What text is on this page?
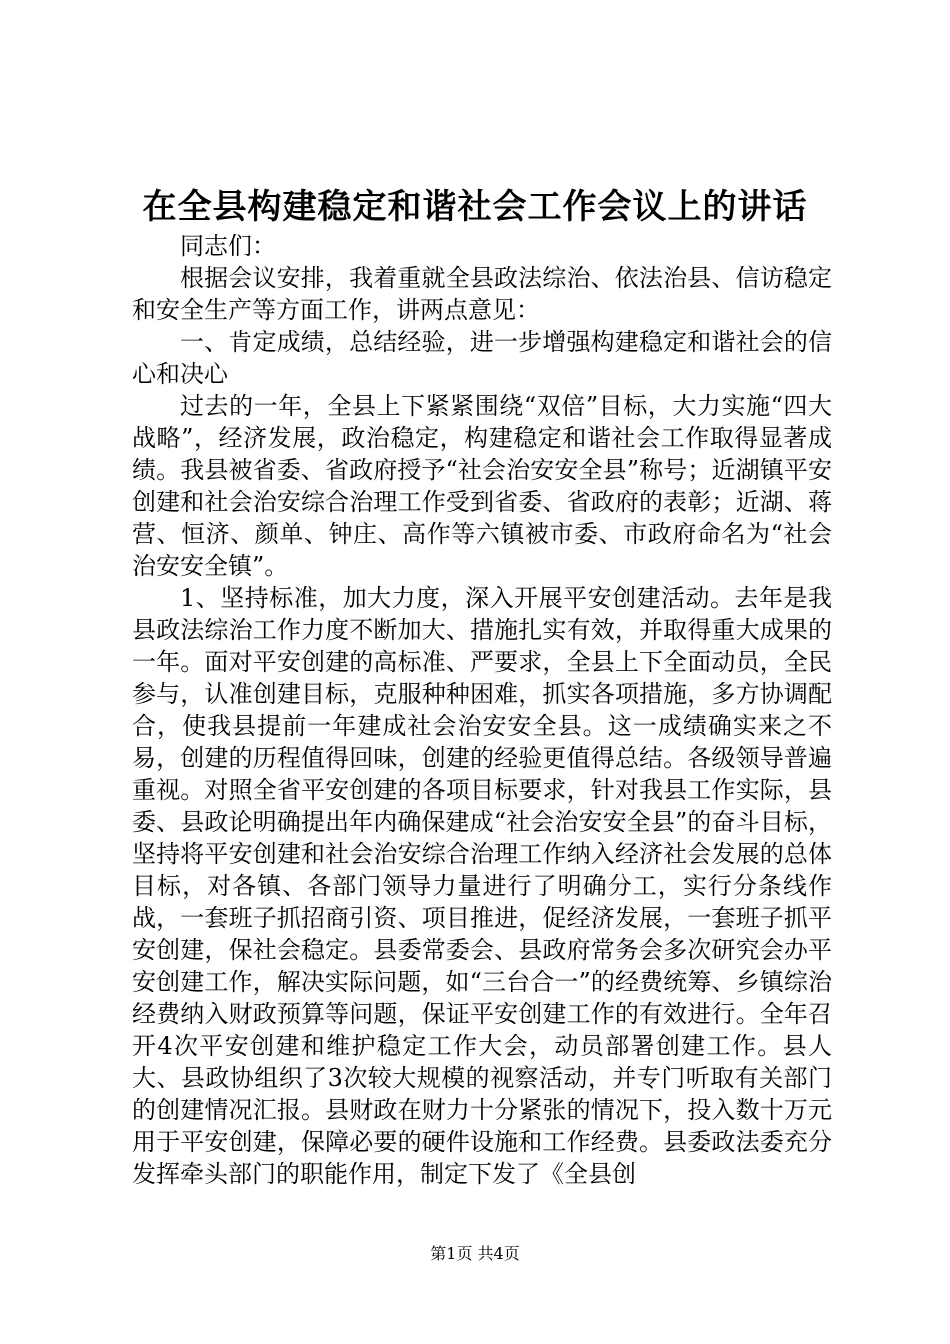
在全县构建稳定和谐社会工作会议上的讲话

同志们：

根据会议安排，我着重就全县政法综治、依法治县、信访稳定和安全生产等方面工作，讲两点意见：

一、肯定成绩，总结经验，进一步增强构建稳定和谐社会的信心和决心

过去的一年，全县上下紧紧围绕“双倍”目标，大力实施“四大战略”，经济发展，政治稳定，构建稳定和谐社会工作取得显著成绩。我县被省委、省政府授予“社会治安安全县”称号；近湖镇平安创建和社会治安综合治理工作受到省委、省政府的表彰；近湖、蒋营、恒济、颜单、钟庄、高作等六镇被市委、市政府命名为“社会治安安全镇”。

1、坚持标准，加大力度，深入开展平安创建活动。去年是我县政法综治工作力度不断加大、措施扎实有效，并取得重大成果的一年。面对平安创建的高标准、严要求，全县上下全面动员，全民参与，认准创建目标，克服种种困难，抓实各项措施，多方协调配合，使我县提前一年建成社会治安安全县。这一成绩确实来之不易，创建的历程值得回味，创建的经验更值得总结。各级领导普遍重视。对照全省平安创建的各项目标要求，针对我县工作实际，县委、县政论明确提出年内确保建成“社会治安安全县”的奋斗目标，坚持将平安创建和社会治安综合治理工作纳入经济社会发展的总体目标，对各镇、各部门领导力量进行了明确分工，实行分条线作战，一套班子抓招商引资、项目推进，促经济发展，一套班子抓平安创建，保社会稳定。县委常委会、县政府常务会多次研究会办平安创建工作，解决实际问题，如“三台合一”的经费统筹、乡镇综治经费纳入财政预算等问题，保证平安创建工作的有效进行。全年召开4次平安创建和维护稳定工作大会，动员部署创建工作。县人大、县政协组织了3次较大规模的视察活动，并专门听取有关部门的创建情况汇报。县财政在财力十分紧张的情况下，投入数十万元用于平安创建，保障必要的硬件设施和工作经费。县委政法委充分发挥牵头部门的职能作用，制定下发了《全县创

第1页 共4页
